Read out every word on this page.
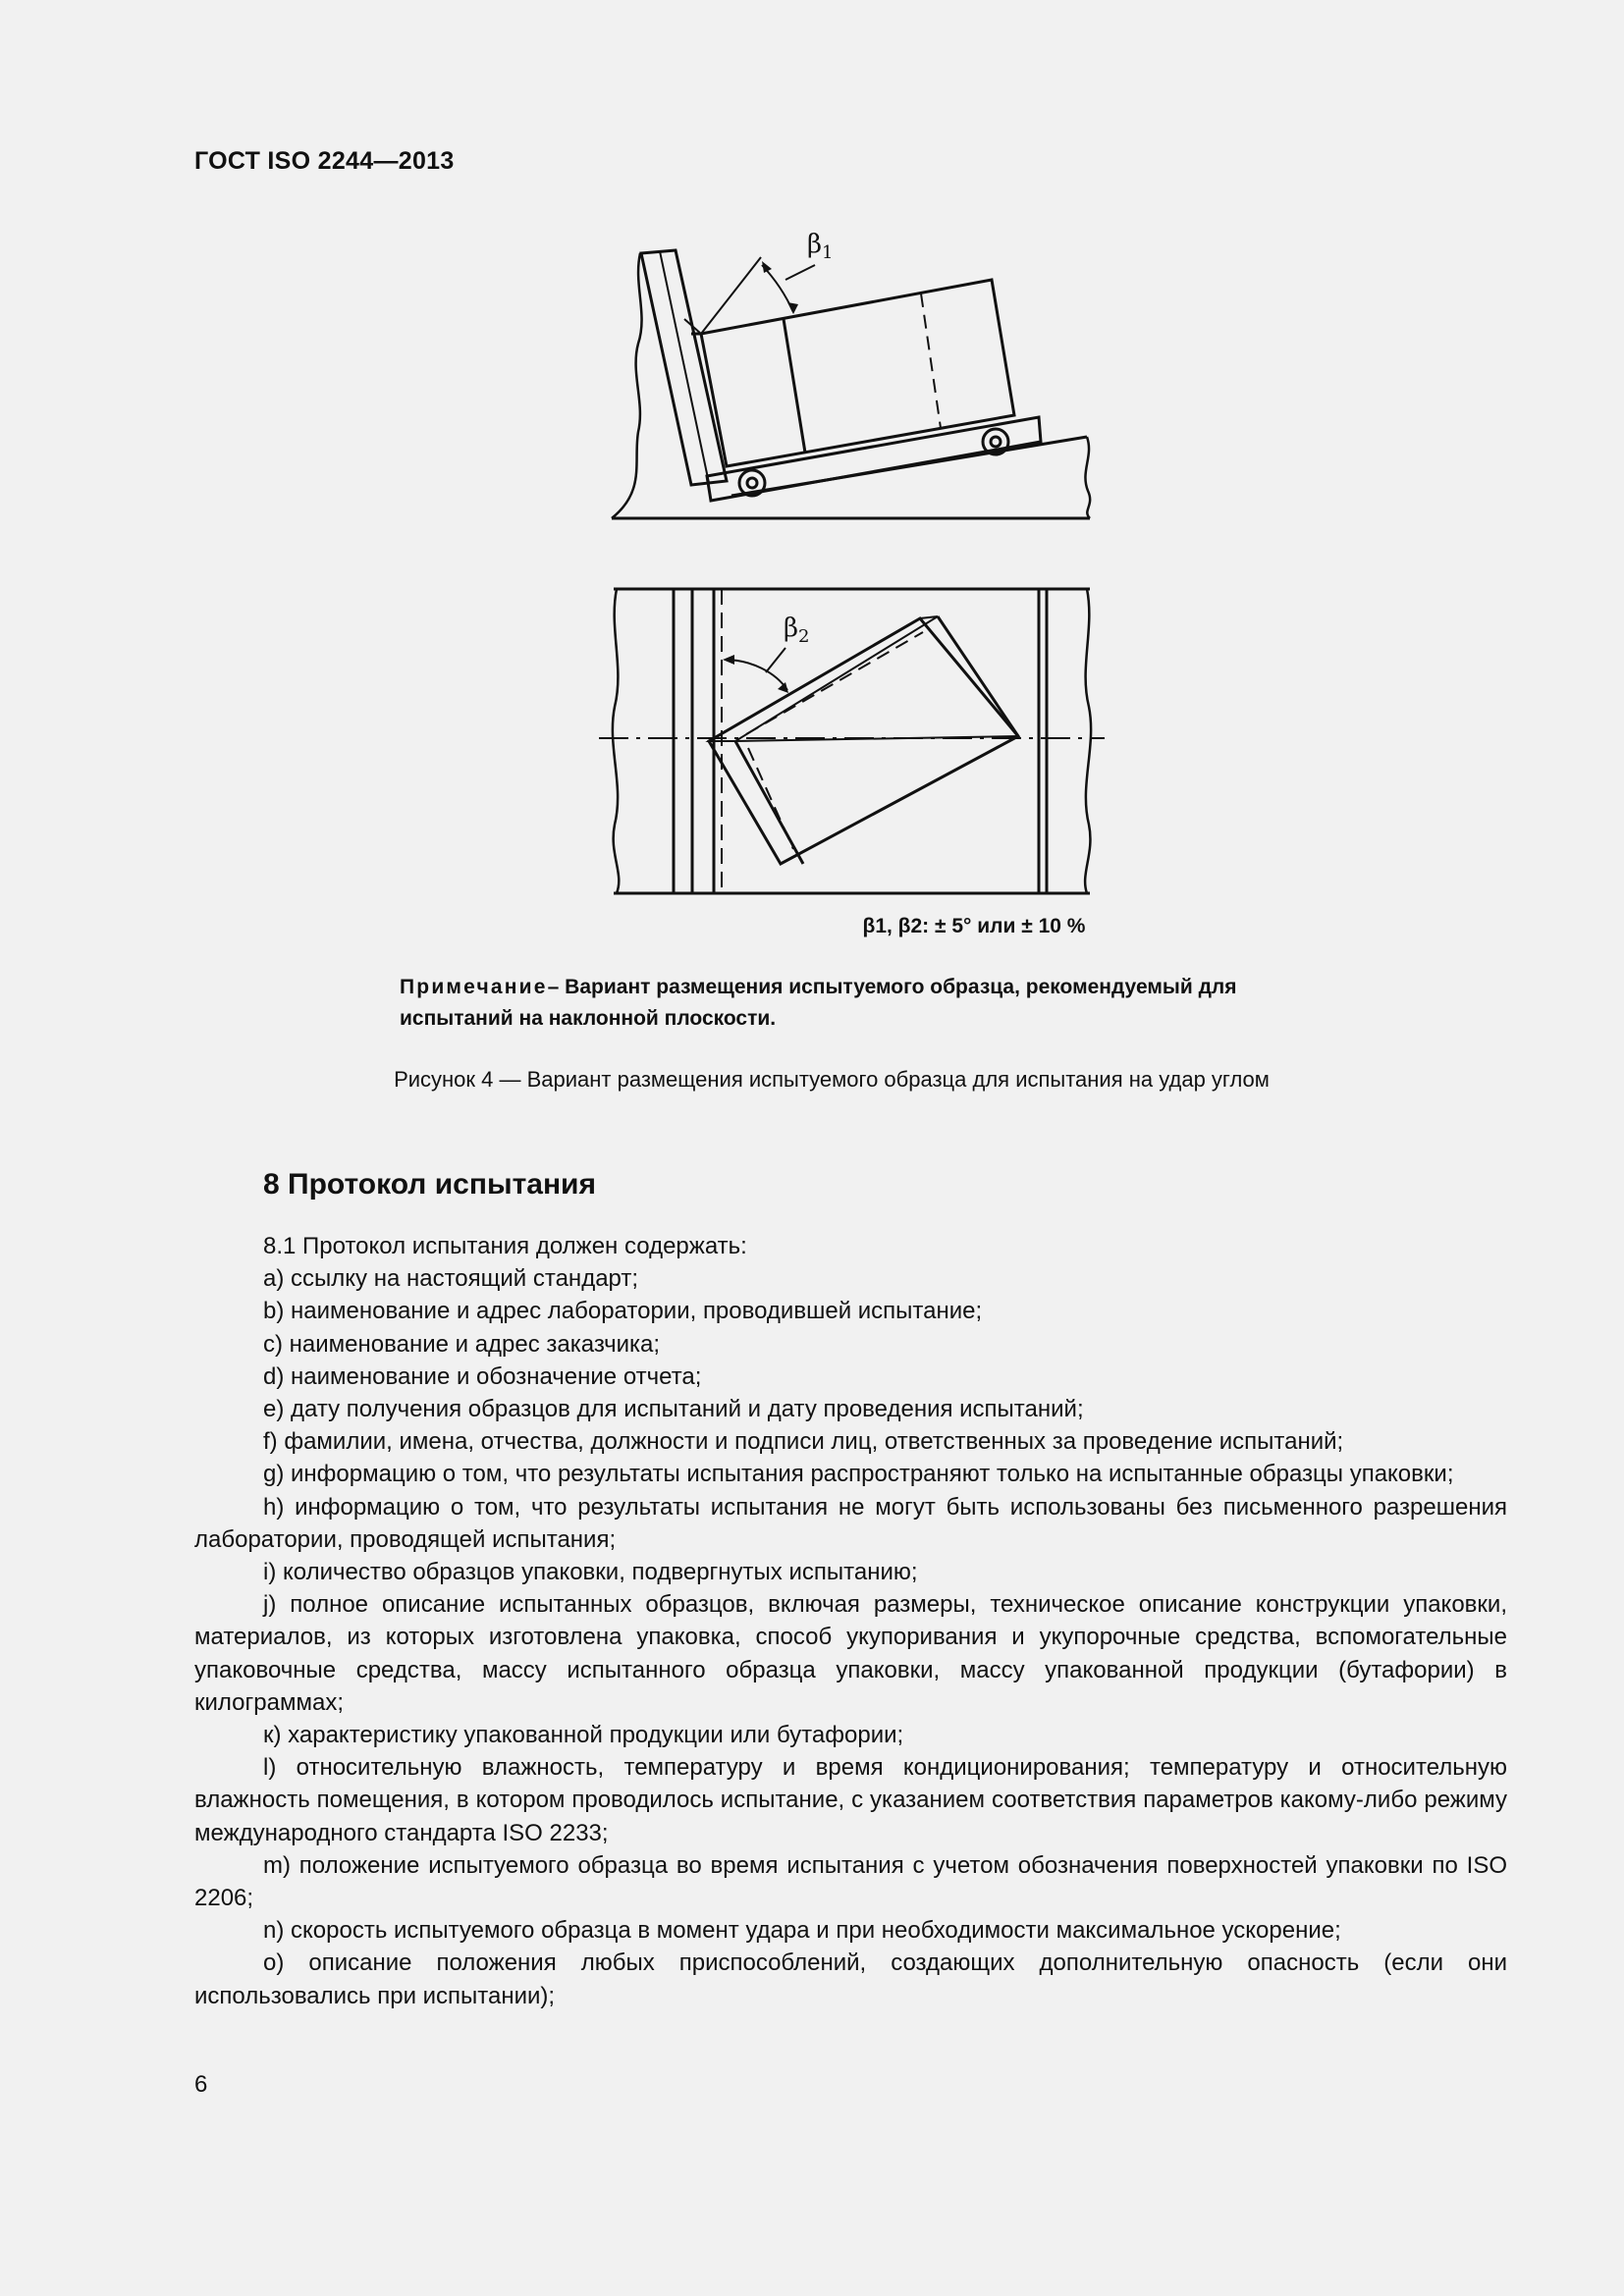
ГОСТ ISO 2244—2013
$\beta_1$
$\beta_2$
β1, β2: ± 5° или ± 10 %
Примечание– Вариант размещения испытуемого образца, рекомендуемый для испытаний на наклонной плоскости.
Рисунок 4 — Вариант размещения испытуемого образца для испытания на удар углом
8 Протокол испытания

8.1 Протокол испытания должен содержать:

а) ссылку на настоящий стандарт;

b) наименование и адрес лаборатории, проводившей испытание;

c) наименование и адрес заказчика;

d) наименование и обозначение отчета;

е) дату получения образцов для испытаний и дату проведения испытаний;

f) фамилии, имена, отчества, должности и подписи лиц, ответственных за проведение испытаний;

g) информацию о том, что результаты испытания распространяют только на испытанные образцы упаковки;

h) информацию о том, что результаты испытания не могут быть использованы без письменного разрешения лаборатории, проводящей испытания;

i) количество образцов упаковки, подвергнутых испытанию;

j) полное описание испытанных образцов, включая размеры, техническое описание конструкции упаковки, материалов, из которых изготовлена упаковка, способ укупоривания и укупорочные средства, вспомогательные упаковочные средства, массу испытанного образца упаковки, массу упакованной продукции (бутафории) в килограммах;

к) характеристику упакованной продукции или бутафории;

l) относительную влажность, температуру и время кондиционирования; температуру и относительную влажность помещения, в котором проводилось испытание, с указанием соответствия параметров какому-либо режиму международного стандарта ISO 2233;

m) положение испытуемого образца во время испытания с учетом обозначения поверхностей упаковки по ISO 2206;

n) скорость испытуемого образца в момент удара и при необходимости максимальное ускорение;

о) описание положения любых приспособлений, создающих дополнительную опасность (если они использовались при испытании);

6
